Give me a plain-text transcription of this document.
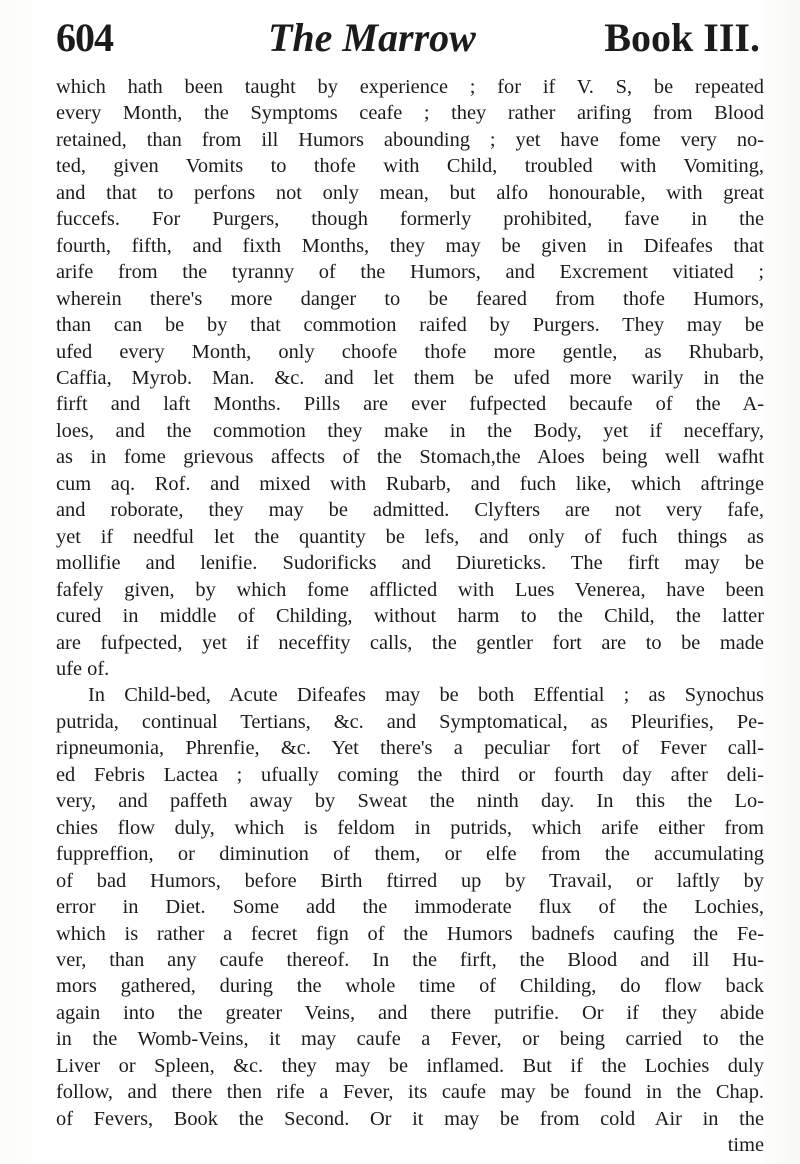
604	The Marrow	Book III.
which hath been taught by experience ; for if V. S, be repeated
every Month, the Symptoms ceafe ; they rather arifing from Blood
retained, than from ill Humors abounding ; yet have fome very no-
ted, given Vomits to thofe with Child, troubled with Vomiting,
and that to perfons not only mean, but alfo honourable, with great
fuccefs. For Purgers, though formerly prohibited, fave in the
fourth, fifth, and fixth Months, they may be given in Difeafes that
arife from the tyranny of the Humors, and Excrement vitiated ;
wherein there's more danger to be feared from thofe Humors,
than can be by that commotion raifed by Purgers. They may be
ufed every Month, only choofe thofe more gentle, as Rhubarb,
Caffia, Myrob. Man. &c. and let them be ufed more warily in the
firft and laft Months. Pills are ever fufpected becaufe of the A-
loes, and the commotion they make in the Body, yet if neceffary,
as in fome grievous affects of the Stomach,the Aloes being well wafht
cum aq. Rof. and mixed with Rubarb, and fuch like, which aftringe
and roborate, they may be admitted. Clyfters are not very fafe,
yet if needful let the quantity be lefs, and only of fuch things as
mollifie and lenifie. Sudorificks and Diureticks. The firft may be
fafely given, by which fome afflicted with Lues Venerea, have been
cured in middle of Childing, without harm to the Child, the latter
are fufpected, yet if neceffity calls, the gentler fort are to be made
ufe of.
In Child-bed, Acute Difeafes may be both Effential ; as Synochus
putrida, continual Tertians, &c. and Symptomatical, as Pleurifies, Pe-
ripneumonia, Phrenfie, &c. Yet there's a peculiar fort of Fever call-
ed Febris Lactea ; ufually coming the third or fourth day after deli-
very, and paffeth away by Sweat the ninth day. In this the Lo-
chies flow duly, which is feldom in putrids, which arife either from
fuppreffion, or diminution of them, or elfe from the accumulating
of bad Humors, before Birth ftirred up by Travail, or laftly by
error in Diet. Some add the immoderate flux of the Lochies,
which is rather a fecret fign of the Humors badnefs caufing the Fe-
ver, than any caufe thereof. In the firft, the Blood and ill Hu-
mors gathered, during the whole time of Childing, do flow back
again into the greater Veins, and there putrifie. Or if they abide
in the Womb-Veins, it may caufe a Fever, or being carried to the
Liver or Spleen, &c. they may be inflamed. But if the Lochies duly
follow, and there then rife a Fever, its caufe may be found in the Chap.
of Fevers, Book the Second. Or it may be from cold Air in the
time
